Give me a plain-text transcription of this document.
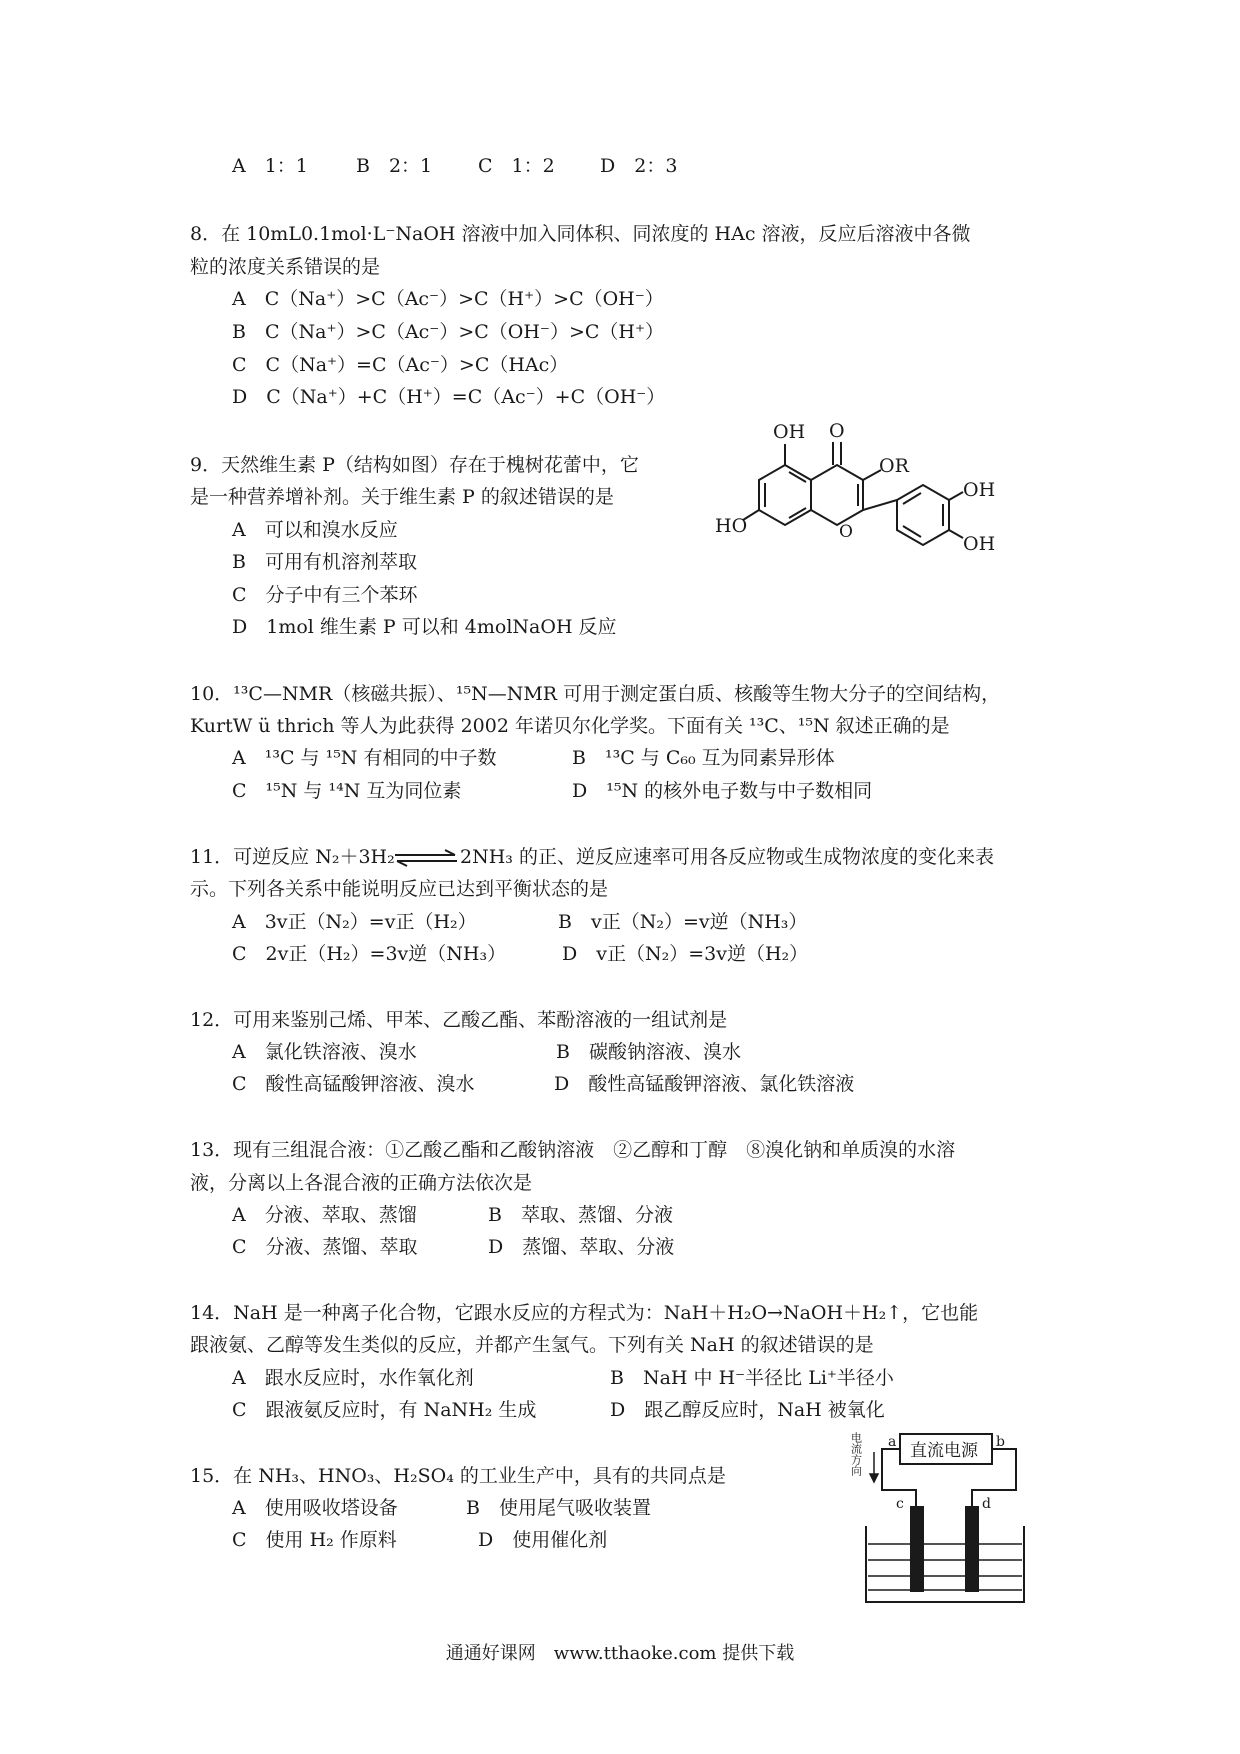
A 1：1	B 2：1 C 1：2 D 2：3
8．在 10mL0.1mol·L⁻NaOH 溶液中加入同体积、同浓度的 HAc 溶液，反应后溶液中各微
粒的浓度关系错误的是
A C（Na⁺）>C（Ac⁻）>C（H⁺）>C（OH⁻）
B C（Na⁺）>C（Ac⁻）>C（OH⁻）>C（H⁺）
C C（Na⁺）=C（Ac⁻）>C（HAc）
D C（Na⁺）+C（H⁺）=C（Ac⁻）+C（OH⁻）
9．天然维生素 P（结构如图）存在于槐树花蕾中，它
是一种营养增补剂。关于维生素 P 的叙述错误的是
A 可以和溴水反应
B 可用有机溶剂萃取
C 分子中有三个苯环
D 1mol 维生素 P 可以和 4molNaOH 反应
OH O
OR
HO	O
OH
OH
10．¹³C—NMR（核磁共振）、¹⁵N—NMR 可用于测定蛋白质、核酸等生物大分子的空间结构，
KurtW ü thrich 等人为此获得 2002 年诺贝尔化学奖。下面有关 ¹³C、¹⁵N 叙述正确的是
A ¹³C 与 ¹⁵N 有相同的中子数	B ¹³C 与 C₆₀ 互为同素异形体
C ¹⁵N 与 ¹⁴N 互为同位素	D ¹⁵N 的核外电子数与中子数相同
11．可逆反应 N₂＋3H₂ ⇌ 2NH₃ 的正、逆反应速率可用各反应物或生成物浓度的变化来表
示。下列各关系中能说明反应已达到平衡状态的是
A 3v正（N₂）=v正（H₂）	B v正（N₂）=v逆（NH₃）
C 2v正（H₂）=3v逆（NH₃）	D v正（N₂）=3v逆（H₂）
12．可用来鉴别己烯、甲苯、乙酸乙酯、苯酚溶液的一组试剂是
A 氯化铁溶液、溴水	B 碳酸钠溶液、溴水
C 酸性高锰酸钾溶液、溴水	D 酸性高锰酸钾溶液、氯化铁溶液
13．现有三组混合液：①乙酸乙酯和乙酸钠溶液　②乙醇和丁醇　⑧溴化钠和单质溴的水溶
液，分离以上各混合液的正确方法依次是
A 分液、萃取、蒸馏	B 萃取、蒸馏、分液
C 分液、蒸馏、萃取	D 蒸馏、萃取、分液
14．NaH 是一种离子化合物，它跟水反应的方程式为：NaH＋H₂O→NaOH＋H₂↑，它也能
跟液氨、乙醇等发生类似的反应，并都产生氢气。下列有关 NaH 的叙述错误的是
A 跟水反应时，水作氧化剂	B NaH 中 H⁻半径比 Li⁺半径小
C 跟液氨反应时，有 NaNH₂ 生成	D 跟乙醇反应时，NaH 被氧化
15．在 NH₃、HNO₃、H₂SO₄ 的工业生产中，具有的共同点是
A 使用吸收塔设备	B 使用尾气吸收装置
C 使用 H₂ 作原料	D 使用催化剂
直流电源
a	b
c	d
电流方向
通通好课网　www.tthaoke.com 提供下载
